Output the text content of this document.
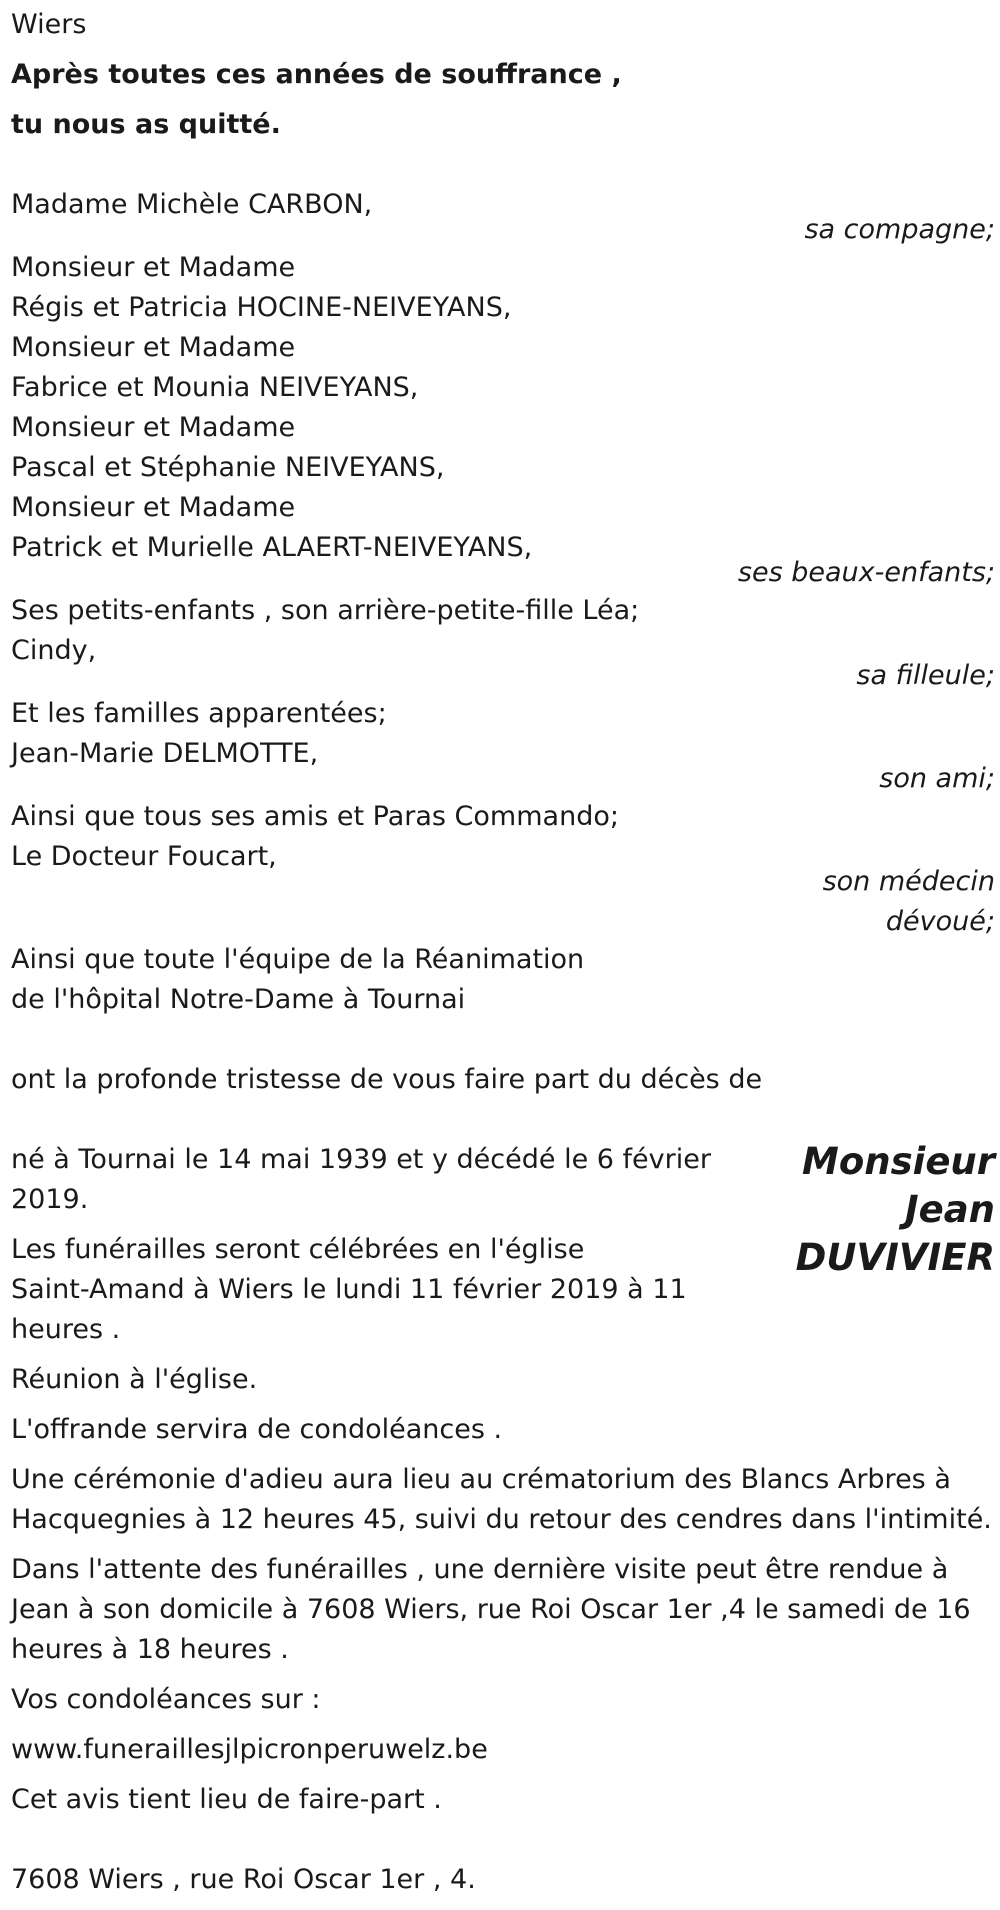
Wiers

Après toutes ces années de souffrance ,

tu nous as quitté.

Madame Michèle CARBON,

sa compagne;

Monsieur et Madame

Régis et Patricia HOCINE-NEIVEYANS,

Monsieur et Madame

Fabrice et Mounia NEIVEYANS,

Monsieur et Madame

Pascal et Stéphanie NEIVEYANS,

Monsieur et Madame

Patrick et Murielle ALAERT-NEIVEYANS,

ses beaux-enfants;

Ses petits-enfants , son arrière-petite-fille Léa;

Cindy,

sa filleule;

Et les familles apparentées;

Jean-Marie DELMOTTE,

son ami;

Ainsi que tous ses amis et Paras Commando;

Le Docteur Foucart,

son médecin

dévoué;

Ainsi que toute l'équipe de la Réanimation

de l'hôpital Notre-Dame à Tournai

ont la profonde tristesse de vous faire part du décès de

Monsieur
Jean
DUVIVIER

né à Tournai le 14 mai 1939 et y décédé le 6 février

2019.

Les funérailles seront célébrées en l'église

Saint-Amand à Wiers le lundi 11 février 2019 à 11

heures .

Réunion à l'église.

L'offrande servira de condoléances .

Une cérémonie d'adieu aura lieu au crématorium des Blancs Arbres à

Hacquegnies à 12 heures 45, suivi du retour des cendres dans l'intimité.

Dans l'attente des funérailles , une dernière visite peut être rendue à

Jean à son domicile à 7608 Wiers, rue Roi Oscar 1er ,4 le samedi de 16

heures à 18 heures .

Vos condoléances sur :

www.funeraillesjlpicronperuwelz.be

Cet avis tient lieu de faire-part .

7608 Wiers , rue Roi Oscar 1er , 4.
